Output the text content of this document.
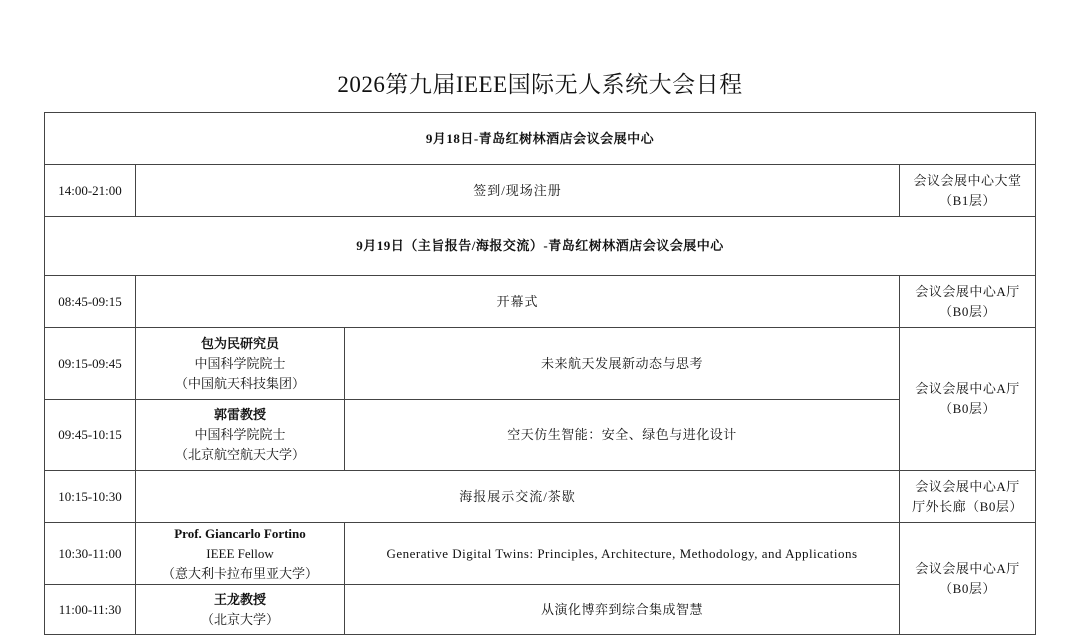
2026第九届IEEE国际无人系统大会日程
9月18日-青岛红树林酒店会议会展中心			
14:00-21:00	签到/现场注册		会议会展中心大堂
（B1层）

9月19日（主旨报告/海报交流）-青岛红树林酒店会议会展中心			
08:45-09:15	开幕式		会议会展中心A厅
（B0层）

09:15-09:45	包为民研究员
中国科学院院士
（中国航天科技集团）	未来航天发展新动态与思考	会议会展中心A厅
（B0层）

09:45-10:15	郭雷教授
中国科学院院士
（北京航空航天大学）	空天仿生智能：安全、绿色与进化设计	
10:15-10:30	海报展示交流/茶歇		会议会展中心A厅
厅外长廊（B0层）

10:30-11:00	Prof. Giancarlo Fortino
IEEE Fellow
（意大利卡拉布里亚大学）	Generative Digital Twins: Principles, Architecture, Methodology, and Applications	会议会展中心A厅
（B0层）

11:00-11:30	王龙教授
（北京大学）	从演化博弈到综合集成智慧	
